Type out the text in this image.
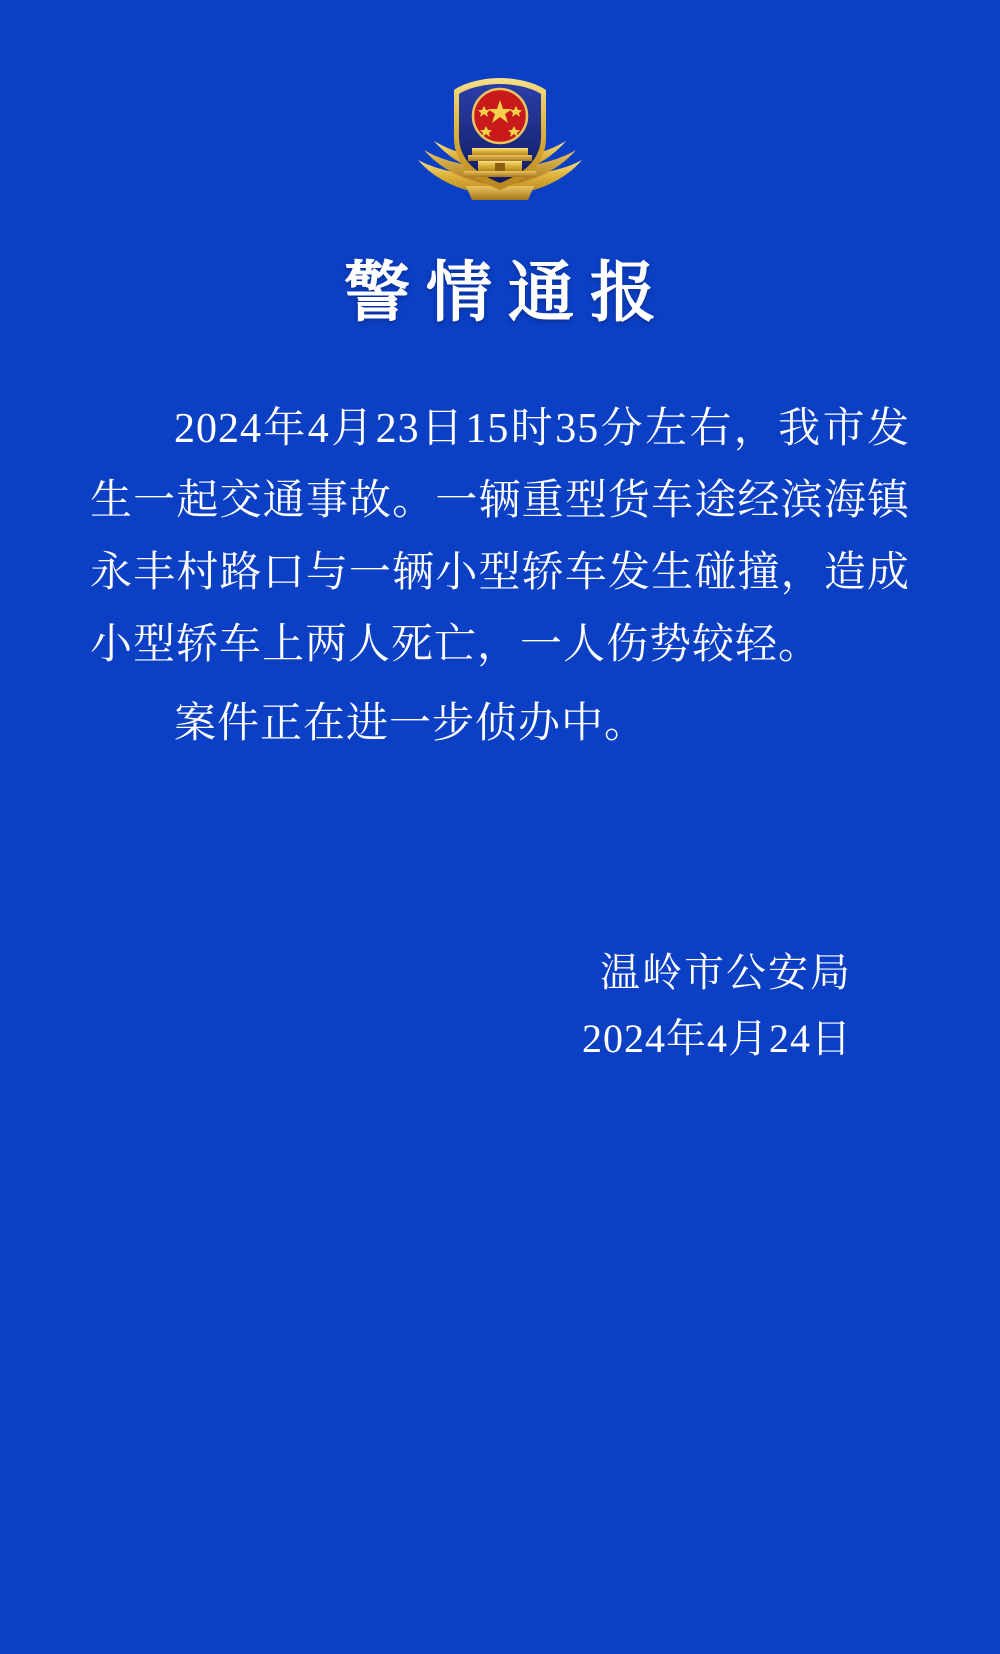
警情通报

2024年4月23日15时35分左右，我市发生一起交通事故。一辆重型货车途经滨海镇永丰村路口与一辆小型轿车发生碰撞，造成小型轿车上两人死亡，一人伤势较轻。

案件正在进一步侦办中。

温岭市公安局
2024年4月24日
